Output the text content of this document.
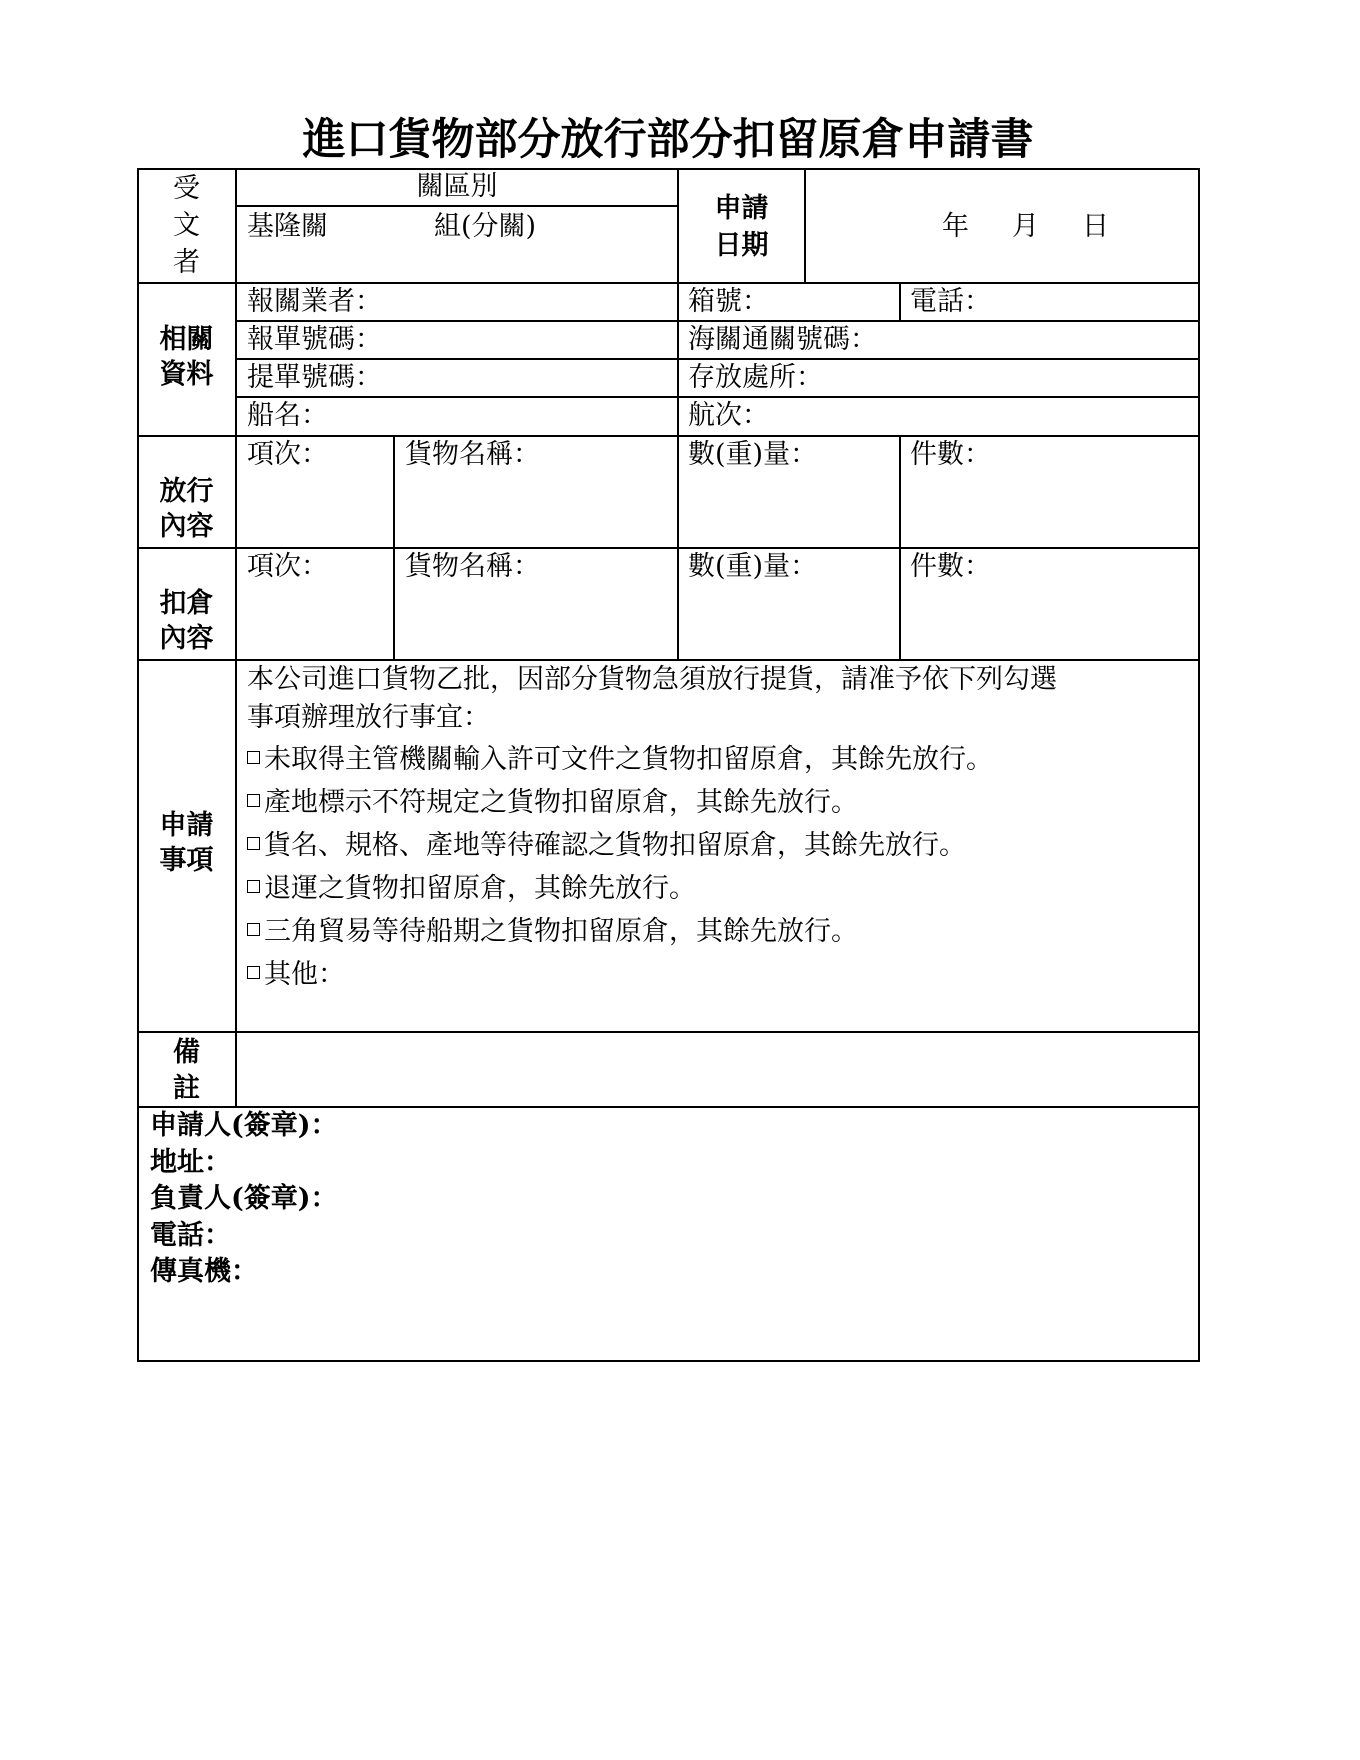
進口貨物部分放行部分扣留原倉申請書
受
文
者
關區別
基隆關	組(分關)
申請
日期
年 月 日
相關
資料
報關業者：	箱號：	電話：
報單號碼：	海關通關號碼：
提單號碼：	存放處所：
船名：	航次：
放行
內容
項次：	貨物名稱：	數(重)量：	件數：
扣倉
內容
項次：	貨物名稱：	數(重)量：	件數：
申請
事項
本公司進口貨物乙批，因部分貨物急須放行提貨，請准予依下列勾選
事項辦理放行事宜：
未取得主管機關輸入許可文件之貨物扣留原倉，其餘先放行。
產地標示不符規定之貨物扣留原倉，其餘先放行。
貨名、規格、產地等待確認之貨物扣留原倉，其餘先放行。
退運之貨物扣留原倉，其餘先放行。
三角貿易等待船期之貨物扣留原倉，其餘先放行。
其他：
備
註
申請人(簽章)：
地址：
負責人(簽章)：
電話：
傳真機：
